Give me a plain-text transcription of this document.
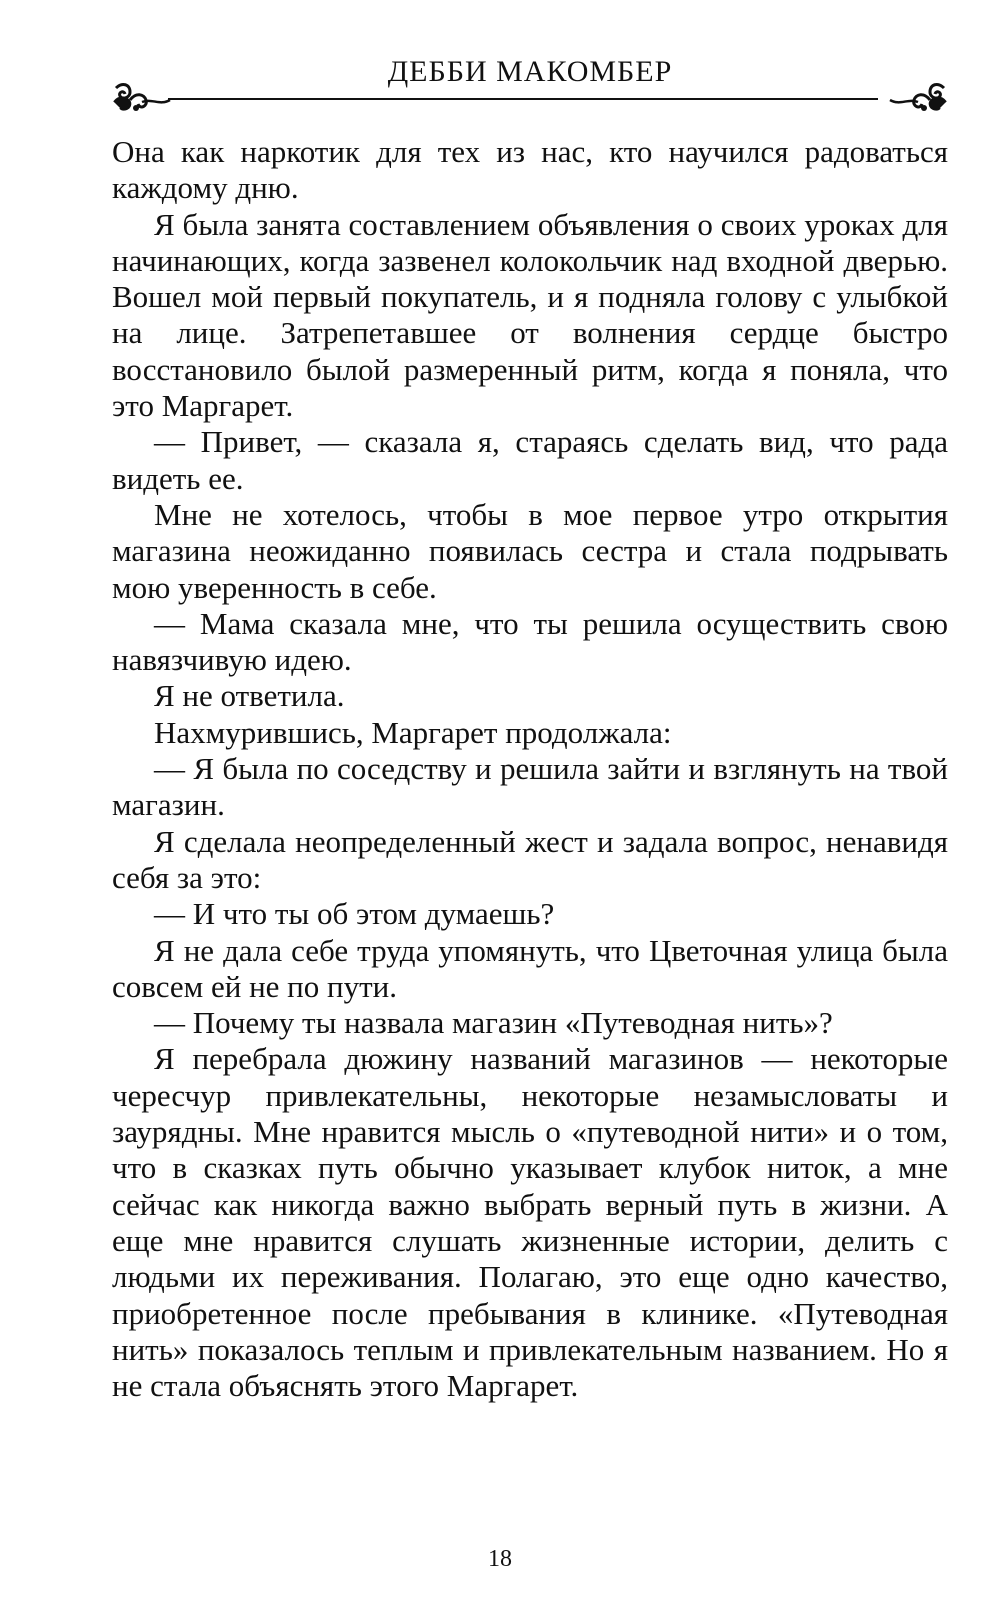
ДЕББИ МАКОМБЕР

Она как наркотик для тех из нас, кто научился радоваться каждому дню.

Я была занята составлением объявления о своих уроках для начинающих, когда зазвенел колокольчик над входной дверью. Вошел мой первый покупатель, и я подняла голову с улыбкой на лице. Затрепетавшее от волнения сердце быстро восстановило былой размеренный ритм, когда я поняла, что это Маргарет.

— Привет, — сказала я, стараясь сделать вид, что рада видеть ее.

Мне не хотелось, чтобы в мое первое утро открытия магазина неожиданно появилась сестра и стала подрывать мою уверенность в себе.

— Мама сказала мне, что ты решила осуществить свою навязчивую идею.

Я не ответила.

Нахмурившись, Маргарет продолжала:

— Я была по соседству и решила зайти и взглянуть на твой магазин.

Я сделала неопределенный жест и задала вопрос, ненавидя себя за это:

— И что ты об этом думаешь?

Я не дала себе труда упомянуть, что Цветочная улица была совсем ей не по пути.

— Почему ты назвала магазин «Путеводная нить»?

Я перебрала дюжину названий магазинов — некоторые чересчур привлекательны, некоторые незамысловаты и заурядны. Мне нравится мысль о «путеводной нити» и о том, что в сказках путь обычно указывает клубок ниток, а мне сейчас как никогда важно выбрать верный путь в жизни. А еще мне нравится слушать жизненные истории, делить с людьми их переживания. Полагаю, это еще одно качество, приобретенное после пребывания в клинике. «Путеводная нить» показалось теплым и привлекательным названием. Но я не стала объяснять этого Маргарет.

18
